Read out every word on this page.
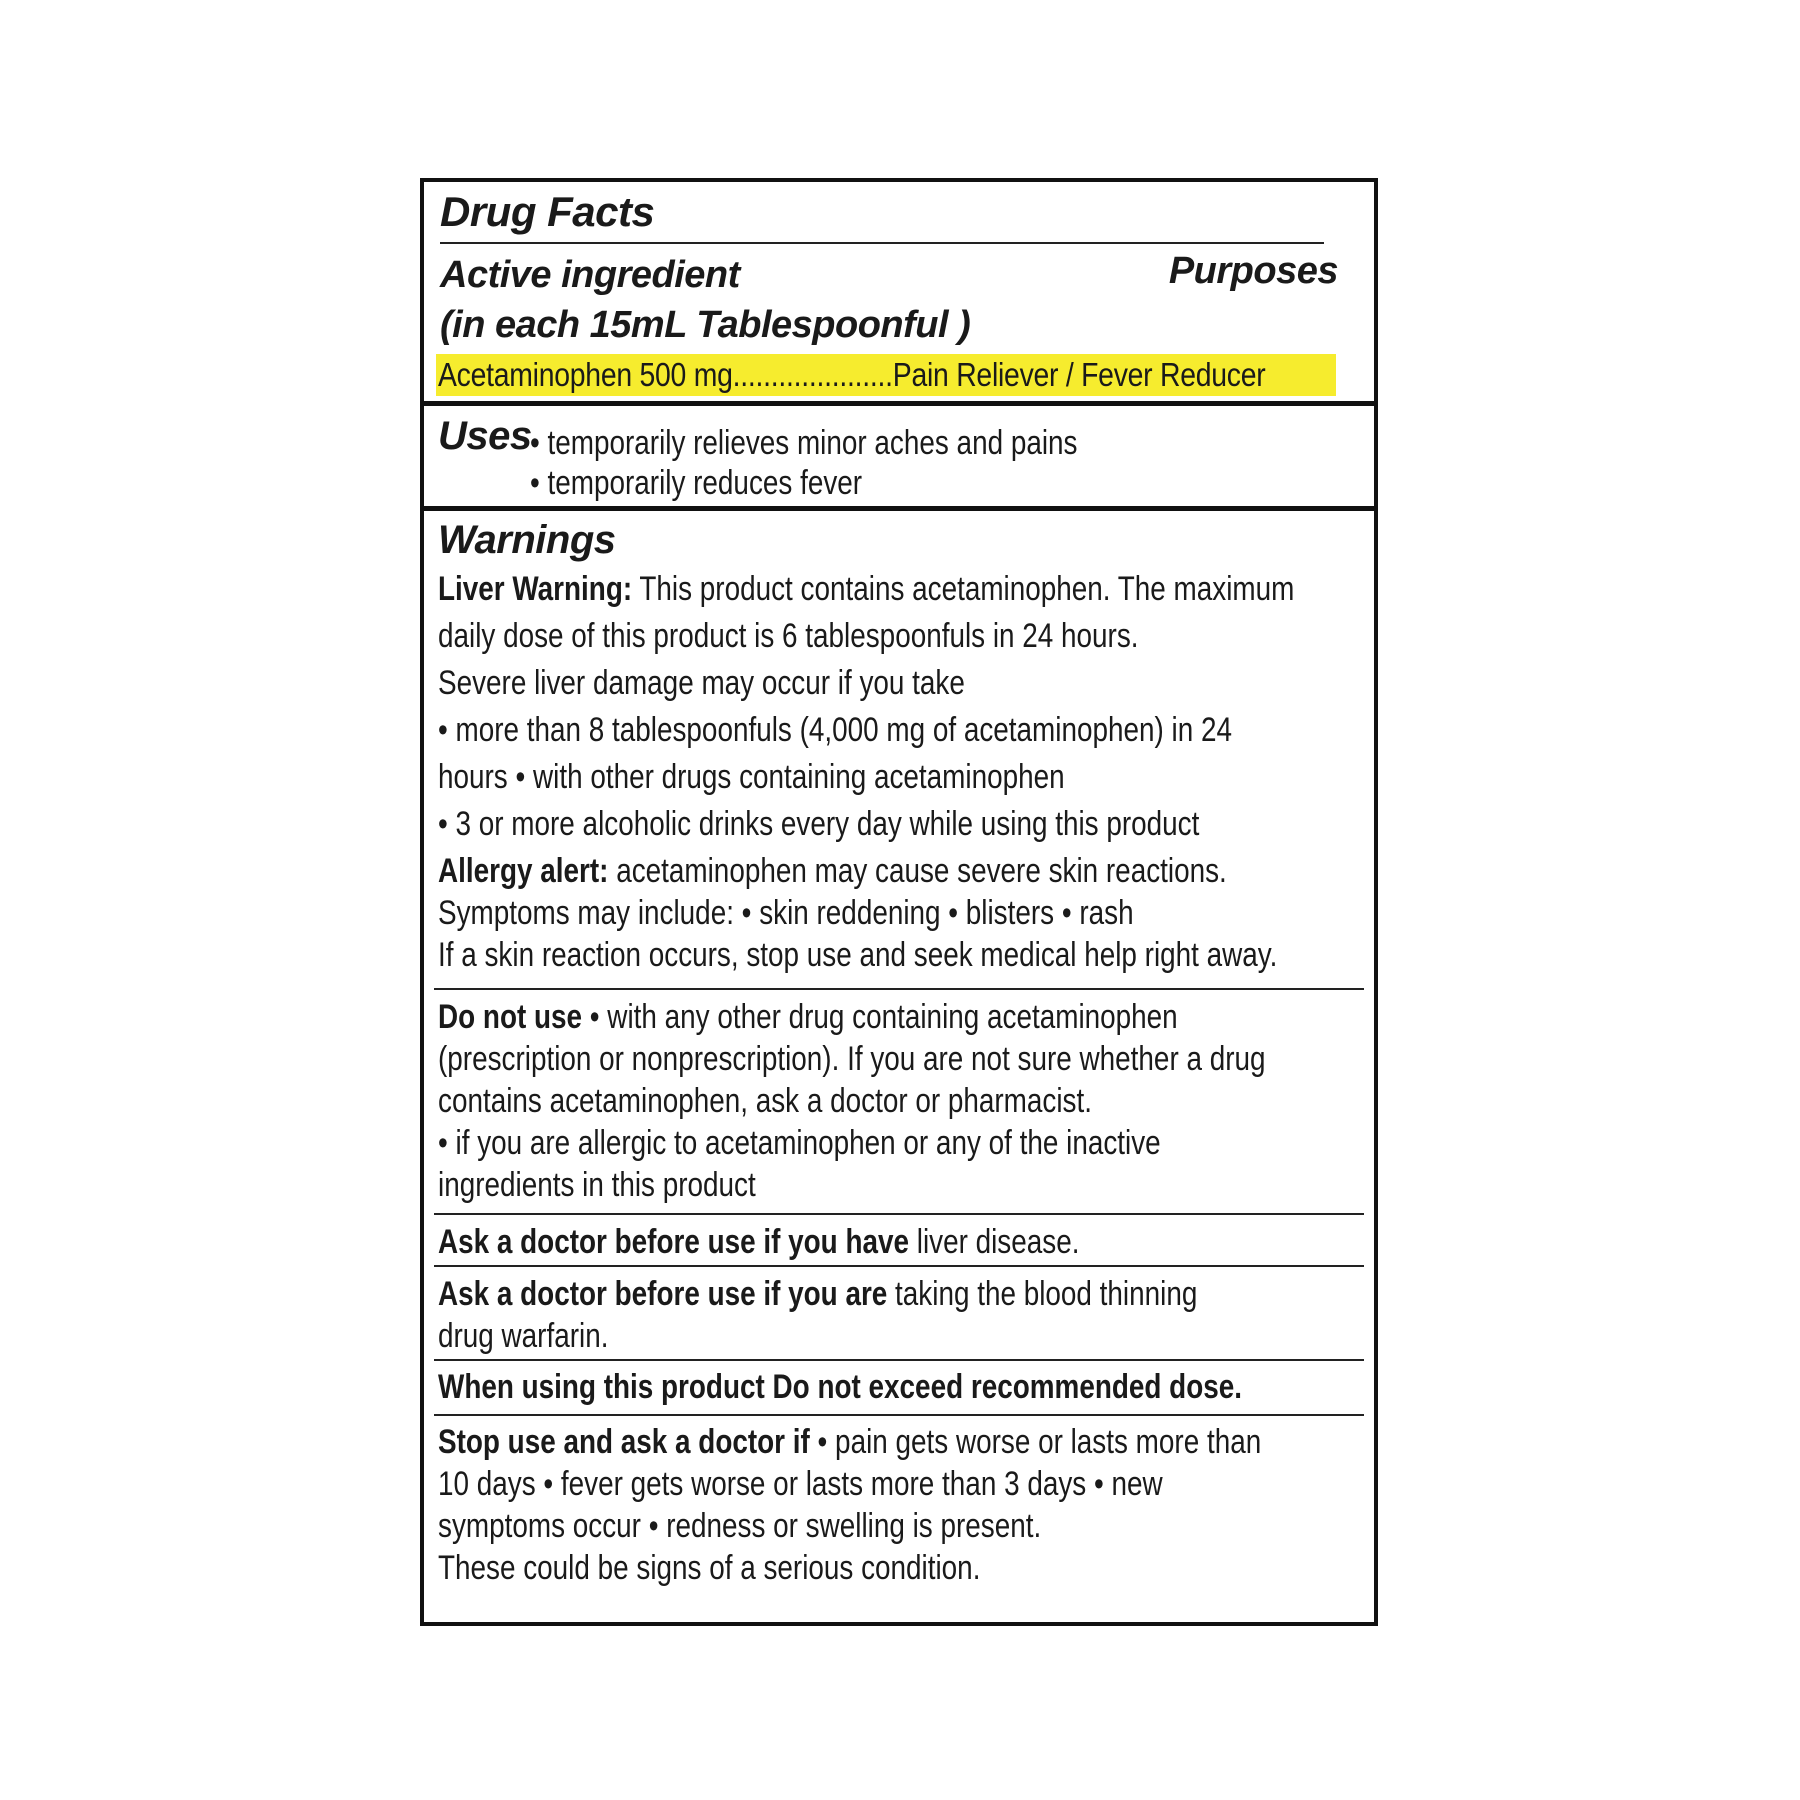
Drug Facts
Active ingredient
(in each 15mL Tablespoonful )
Purposes
Acetaminophen 500 mg.....................Pain Reliever / Fever Reducer
Uses
• temporarily relieves minor aches and pains
• temporarily reduces fever
Warnings
Liver Warning: This product contains acetaminophen. The maximum
daily dose of this product is 6 tablespoonfuls in 24 hours.
Severe liver damage may occur if you take
• more than 8 tablespoonfuls (4,000 mg of acetaminophen) in 24
hours • with other drugs containing acetaminophen
• 3 or more alcoholic drinks every day while using this product
Allergy alert: acetaminophen may cause severe skin reactions.
Symptoms may include: • skin reddening • blisters • rash
If a skin reaction occurs, stop use and seek medical help right away.
Do not use • with any other drug containing acetaminophen
(prescription or nonprescription). If you are not sure whether a drug
contains acetaminophen, ask a doctor or pharmacist.
• if you are allergic to acetaminophen or any of the inactive
ingredients in this product
Ask a doctor before use if you have liver disease.
Ask a doctor before use if you are taking the blood thinning
drug warfarin.
When using this product Do not exceed recommended dose.
Stop use and ask a doctor if • pain gets worse or lasts more than
10 days • fever gets worse or lasts more than 3 days • new
symptoms occur • redness or swelling is present.
These could be signs of a serious condition.
